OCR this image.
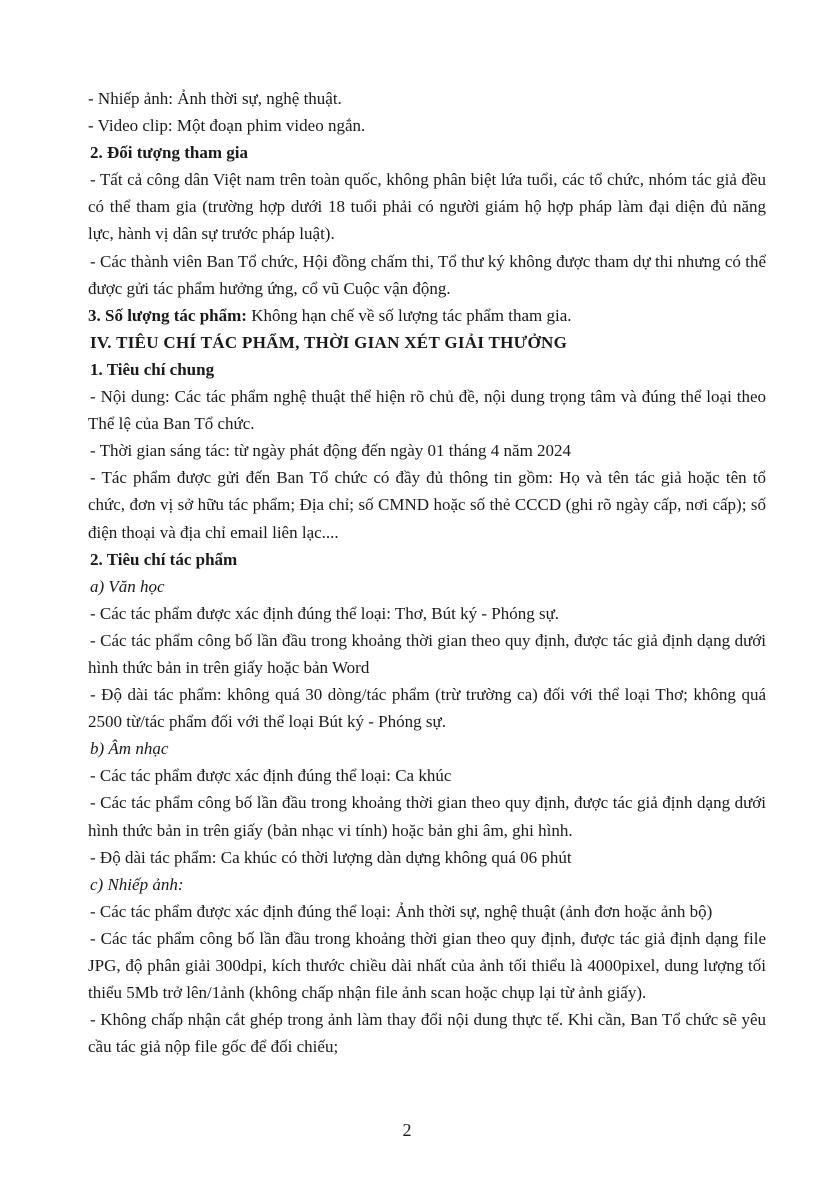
- Nhiếp ảnh: Ảnh thời sự, nghệ thuật.

- Video clip: Một đoạn phim video ngắn.

2. Đối tượng tham gia

- Tất cả công dân Việt nam trên toàn quốc, không phân biệt lứa tuổi, các tổ chức, nhóm tác giả đều có thể tham gia (trường hợp dưới 18 tuổi phải có người giám hộ hợp pháp làm đại diện đủ năng lực, hành vị dân sự trước pháp luật).

- Các thành viên Ban Tổ chức, Hội đồng chấm thi, Tổ thư ký không được tham dự thi nhưng có thể được gửi tác phẩm hưởng ứng, cổ vũ Cuộc vận động.

3. Số lượng tác phẩm: Không hạn chế về số lượng tác phẩm tham gia.

IV. TIÊU CHÍ TÁC PHẨM, THỜI GIAN XÉT GIẢI THƯỞNG

1. Tiêu chí chung

- Nội dung: Các tác phẩm nghệ thuật thể hiện rõ chủ đề, nội dung trọng tâm và đúng thể loại theo Thể lệ của Ban Tổ chức.

- Thời gian sáng tác: từ ngày phát động đến ngày 01 tháng 4 năm 2024

- Tác phẩm được gửi đến Ban Tổ chức có đầy đủ thông tin gồm: Họ và tên tác giả hoặc tên tổ chức, đơn vị sở hữu tác phẩm; Địa chỉ; số CMND hoặc số thẻ CCCD (ghi rõ ngày cấp, nơi cấp); số điện thoại và địa chỉ email liên lạc....

2. Tiêu chí tác phẩm

a) Văn học

- Các tác phẩm được xác định đúng thể loại: Thơ, Bút ký - Phóng sự.

- Các tác phẩm công bố lần đầu trong khoảng thời gian theo quy định, được tác giả định dạng dưới hình thức bản in trên giấy hoặc bản Word

- Độ dài tác phẩm: không quá 30 dòng/tác phẩm (trừ trường ca) đối với thể loại Thơ; không quá 2500 từ/tác phẩm đối với thể loại Bút ký - Phóng sự.

b) Âm nhạc

- Các tác phẩm được xác định đúng thể loại: Ca khúc

- Các tác phẩm công bố lần đầu trong khoảng thời gian theo quy định, được tác giả định dạng dưới hình thức bản in trên giấy (bản nhạc vi tính) hoặc bản ghi âm, ghi hình.

- Độ dài tác phẩm: Ca khúc có thời lượng dàn dựng không quá 06 phút

c) Nhiếp ảnh:

- Các tác phẩm được xác định đúng thể loại: Ảnh thời sự, nghệ thuật (ảnh đơn hoặc ảnh bộ)

- Các tác phẩm công bố lần đầu trong khoảng thời gian theo quy định, được tác giả định dạng file JPG, độ phân giải 300dpi, kích thước chiều dài nhất của ảnh tối thiểu là 4000pixel, dung lượng tối thiểu 5Mb trở lên/1ảnh (không chấp nhận file ảnh scan hoặc chụp lại từ ảnh giấy).

- Không chấp nhận cắt ghép trong ảnh làm thay đổi nội dung thực tế. Khi cần, Ban Tổ chức sẽ yêu cầu tác giả nộp file gốc để đối chiếu;

2
